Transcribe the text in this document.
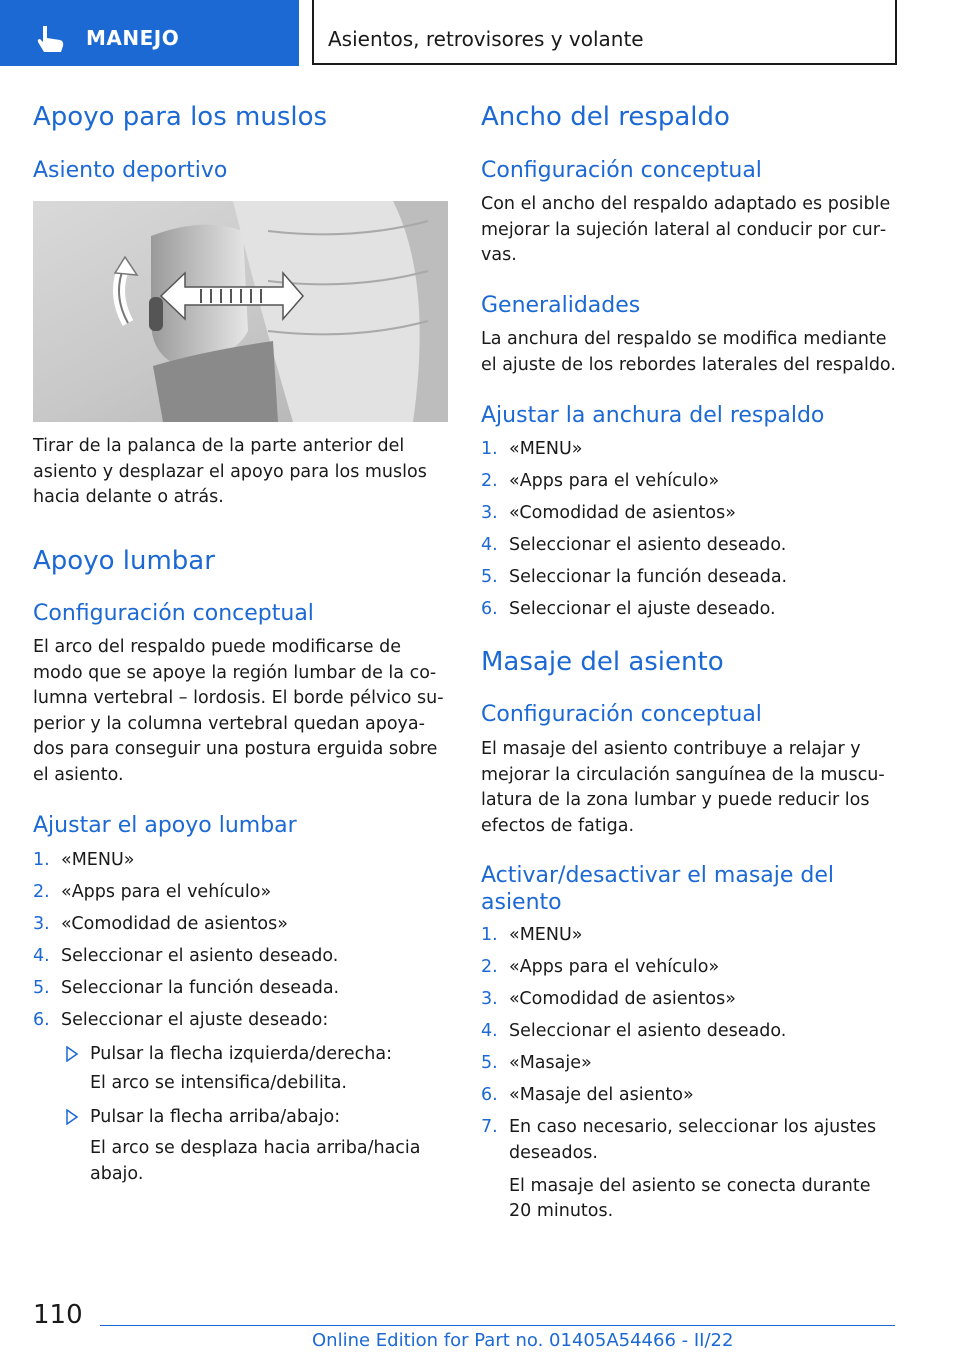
MANEJO	Asientos, retrovisores y volante
Apoyo para los muslos
Asiento deportivo
Tirar de la palanca de la parte anterior del
asiento y desplazar el apoyo para los muslos
hacia delante o atrás.
Apoyo lumbar
Configuración conceptual
El arco del respaldo puede modificarse de
modo que se apoye la región lumbar de la co‐
lumna vertebral – lordosis. El borde pélvico su‐
perior y la columna vertebral quedan apoya‐
dos para conseguir una postura erguida sobre
el asiento.
Ajustar el apoyo lumbar
1. «MENU»
2. «Apps para el vehículo»
3. «Comodidad de asientos»
4. Seleccionar el asiento deseado.
5. Seleccionar la función deseada.
6. Seleccionar el ajuste deseado:
Pulsar la flecha izquierda/derecha:
El arco se intensifica/debilita.
Pulsar la flecha arriba/abajo:
El arco se desplaza hacia arriba/hacia
abajo.
Ancho del respaldo
Configuración conceptual
Con el ancho del respaldo adaptado es posible
mejorar la sujeción lateral al conducir por cur‐
vas.
Generalidades
La anchura del respaldo se modifica mediante
el ajuste de los rebordes laterales del respaldo.
Ajustar la anchura del respaldo
1. «MENU»
2. «Apps para el vehículo»
3. «Comodidad de asientos»
4. Seleccionar el asiento deseado.
5. Seleccionar la función deseada.
6. Seleccionar el ajuste deseado.
Masaje del asiento
Configuración conceptual
El masaje del asiento contribuye a relajar y
mejorar la circulación sanguínea de la muscu‐
latura de la zona lumbar y puede reducir los
efectos de fatiga.
Activar/desactivar el masaje del
asiento
1. «MENU»
2. «Apps para el vehículo»
3. «Comodidad de asientos»
4. Seleccionar el asiento deseado.
5. «Masaje»
6. «Masaje del asiento»
7. En caso necesario, seleccionar los ajustes
deseados.
El masaje del asiento se conecta durante
20 minutos.
110
Online Edition for Part no. 01405A54466 - II/22
